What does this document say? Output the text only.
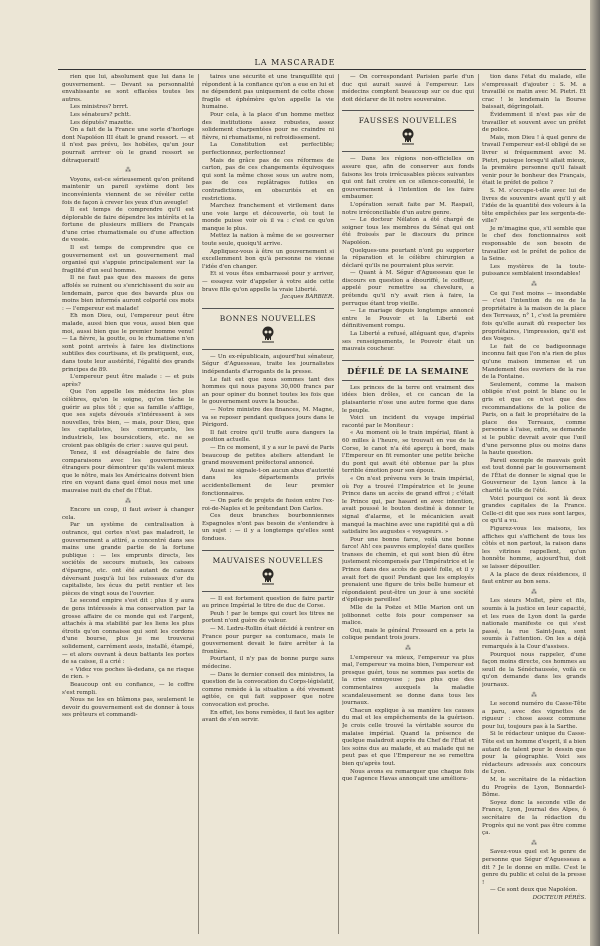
LA MASCARADE

rien que lui, absolument que lui dans le gouvernement. — Devant sa personnalité envahissante se sont effacées toutes les autres.

Les ministres? brrrt.

Les sénateurs? pchtt.

Les députés? mazette.

On a fait de la France une sorte d'horloge dont Napoléon III était le grand ressort. — et il n'est pas prévu, les hobèles, qu'un jour pourrait arriver où le grand ressort se détraquerait!

⁂

Voyons, est-ce sérieusement qu'on prétend maintenir un pareil système dont les inconvénients viennent de se révéler cette fois de façon à crever les yeux d'un aveugle!

Il est temps de comprendre qu'il est déplorable de faire dépendre les intérêts et la fortune de plusieurs milliers de Français d'une crise rhumatismale ou d'une affection de vessie.

Il est temps de comprendre que ce gouvernement est un gouvernement mal organisé qui s'appuie principalement sur la fragilité d'un seul homme.

Il ne faut pas que des masses de gens affolés se ruinent ou s'enrichissent du soir au lendemain, parce que des bavards plus ou moins bien informés auront colporté ces mots : — l'empereur est malade!

Eh mon Dieu, oui, l'empereur peut être malade, aussi bien que vous, aussi bien que moi, aussi bien que le premier homme venu! — La fièvre, la goutte, ou le rhumatisme n'en sont point arrivés à faire les distinctions subtiles des courtisans, et ils pratiquent, eux, dans toute leur austérité, l'égalité des grands principes de 89.

L'empereur peut être malade : — et puis après?

Que l'on appelle les médecins les plus célèbres, qu'on le soigne, qu'on tâche le guérir au plus tôt ; que sa famille s'afflige, que ses sujets dévoués s'intéressent à ses nouvelles, très bien, — mais, pour Dieu, que les capitalistes, les commerçants, les industriels, les boursicotiers, etc. ne se croient pas obligés de crier : sauve qui peut.

Tenez, il est désagréable de faire des comparaisons avec les gouvernements étrangers pour démontrer qu'ils valent mieux que le nôtre, mais les Américains doivent bien rire en voyant dans quel émoi nous met une mauvaise nuit du chef de l'État.

⁂

Encore un coup, il faut aviser à changer cela.

Par un système de centralisation à outrance, qui certes n'est pas maladroit, le gouvernement a attiré, a concentré dans ses mains une grande partie de la fortune publique : — les emprunts directs, les sociétés de secours mutuels, les caisses d'épargne, etc. ont été autant de canaux déversant jusqu'à lui les ruisseaux d'or du capitaliste, les écus du petit rentier et les pièces de vingt sous de l'ouvrier.

Le second empire s'est dit : plus il y aura de gens intéressés à ma conservation par la grosse affaire de ce monde qui est l'argent, attachés à ma stabilité par les liens les plus étroits qu'on connaisse qui sont les cordons d'une bourse, plus je me trouverai solidement, carrément assis, installé, étampé, — et alors ouvrant à deux battants les portes de sa caisse, il a crié :

« Videz vos poches là-dedans, ça ne risque de rien. »

Beaucoup ont eu confiance, — le coffre s'est rempli.

Nous ne les en blâmons pas, seulement le devoir du gouvernement est de donner à tous ses prêteurs et commandi-

taires une sécurité et une tranquillité qui répondent à la confiance qu'on a eue en lui et ne dépendent pas uniquement de cette chose fragile et éphémère qu'on appelle la vie humaine.

Pour cela, à la place d'un homme mettez des institutions assez robustes, assez solidement charpentées pour ne craindre ni fièvre, ni rhumatisme, ni refroidissement.

La Constitution est perfectible; perfectionnez, perfectionnez!

Mais de grâce pas de ces réformes de carton, pas de ces changements équivoques qui sont la même chose sous un autre nom, pas de ces replâtrages futiles en contradictions, en obscurités et en restrictions.

Marchez franchement et virilement dans une voie large et découverte, où tout le monde puisse voir où il va : c'est ce qu'on manque le plus.

Mettez la nation à même de se gouverner toute seule, quoiqu'il arrive.

Appliquez-vous à être un gouvernement si excellemment bon qu'à personne ne vienne l'idée d'en changer.

Et si vous êtes embarrassé pour y arriver, — essayez voir d'appeler à votre aide cette brave fille qu'on appelle la vraie Liberté.

Jacques BARBIER.
BONNES NOUVELLES

— Un ex-républicain, aujourd'hui sénateur, Ségur d'Aguesseau, traite les journalistes indépendants d'arrogants de la presse.

Le fait est que nous sommes tant des hommes qui nous payons 30,000 francs par an pour opiner du bonnet toutes les fois que le gouvernement ouvre la bouche.

— Notre ministre des finances, M. Magne, va se reposer pendant quelques jours dans le Périgord.

Il fait croire qu'il truffe aura dangers la position actuelle.

— En ce moment, il y a sur le pavé de Paris beaucoup de petites ateliers attendant le grand mouvement préfectoral annoncé.

Aussi ne signale-t-on aucun abus d'autorité dans les départements privés accidentellement de leur premier fonctionnaires.

— On parle de projets de fusion entre l'ex-roi-de-Naples et le prétendant Don Carlos.

Ces deux branches bourbonniennes Espagnoles n'ont pas besoin de s'entendre à un sujet : — il y a longtemps qu'elles sont fondues.

MAUVAISES NOUVELLES

— Il est fortement question de faire partir au prince Impérial le titre de duc de Corse.

Peuh ! par le temps qui court les titres ne portent n'ont guère de valeur.

— M. Ledru-Rollin était décidé à rentrer en France pour purger sa contumace, mais le gouvernement devait le faire arrêter à la frontière.

Pourtant, il n'y pas de bonne purge sans médecine.

— Dans le dernier conseil des ministres, la question de la convocation du Corps-législatif, comme remède à la situation a été vivement agitée, ce qui fait supposer que notre convocation est proche.

En effet, les bons remèdes, il faut les agiter avant de s'en servir.

— On correspondant Parisien parle d'un duc qui aurait sauvé à l'empereur. Les médecins comptent beaucoup sur ce duc qui doit déclarer de lit notre souveraine.

FAUSSES NOUVELLES

— Dans les régions non-officielles on assure que, afin de conserver aux fonds faisons les trois irrécusables pièces suivantes qui ont fait croire en ce silence-consulté, le gouvernement à l'intention de les faire embaumer.

L'opération serait faite par M. Raspail, notre irréconciliable d'un autre genre.

— Le docteur Nélaton a été chargé de soigner tous les membres du Sénat qui ont été froissés par le discours du prince Napoléon.

Quelques-uns pourtant n'ont pu supporter la réparation et le célèbre chirurgien a déclaré qu'ils ne pourraient plus servir.

— Quant à M. Ségur d'Aguesseau que le discours en question a ébouriffé, le coiffeur, appelé pour remettre sa chevelure, a prétendu qu'il n'y avait rien à faire, la perruque étant trop vieille.

— Le mariage depuis longtemps annoncé entre le Pouvoir et la Liberté est définitivement rompu.

La Liberté a refusé, alléguant que, d'après ses renseignements, le Pouvoir était un mauvais coucheur.

DÉFILÉ DE LA SEMAINE

Les princes de la terre ont vraiment des idées bien drôles, et ce cancan de la plaisanterie n'ose une autre forme que dans le peuple.

Voici un incident du voyage impérial raconté par le Moniteur :

« Au moment où le train impérial, filant à 60 milles à l'heure, se trouvait en vue de la Corse, le canot n'a été aperçu à bord, mais l'Empereur en fit remonter une petite brèche du pont qui avait été obtenue par la plus terrible émotion pour son époux.

« On n'est prévenu vers le train impérial, où Foy a trouvé l'Impératrice et le jeune Prince dans un accès de grand effroi ; c'était le Prince qui, par hasard en avec intention, avait poussé le bouton destiné à donner le signal d'alarme, et le mécanicien avait manqué la machine avec une rapidité qui a dû satisfaire les augustes « voyageurs. »

Pour une bonne farce, voilà une bonne farce! Ah! ces pauvres employés! dans quelles transes de chemin, et qui sont bien dû être justement récompensés par l'Impératrice et le Prince dans des accès de gaieté folle, et il y avait fort de quoi! Pendant que les employés prenaient une figure de très belle humeur et répondaient peut-être un jour à une société d'épilepsie pareilles!

Mlle de la Poëze et Mlle Marion ont un jolibonnet cette fois pour compenser sa malice.

Oui, mais le général Frossard en a pris la colique pendant trois jours.

⁂

L'empereur va mieux, l'empereur va plus mal, l'empereur va moins bien, l'empereur est presque guéri, tous ne sommes pas sortis de la crise ennuyeuse ; pas plus que des commentaires auxquels la maladie scandaleusement se donne dans tous les journaux.

Chacun explique à sa manière les causes du mal et les empêchements de la guérison. Je crois celle trouvé la véritable source du malaise impérial. Quand la présence de quelque maladroit auprès du Chef de l'État et les soins dus au malade, et au malade qui ne peut pas et que l'Empereur ne se remettra bien qu'après tout.

Nous avons eu remarquer que chaque fois que l'agence Havas annonçait une améliora-

tion dans l'état du malade, elle s'empressait d'ajouter : S. M. a travaillé ce matin avec M. Pietri. Et crac ! le lendemain la Bourse baissait, dégringolait.

Évidemment il n'est pas sûr de travailler et souvent avec un préfet de police.

Mais, mon Dieu ! à quel genre de travail l'empereur est-il obligé de se livrer si fréquemment avec M. Pietri, puisque lorsqu'il allait mieux, la première personne qu'il faisait venir pour le bonheur des Français, était le préfet de police ?

S. M. s'occupe-t-elle avec lui de livres de souvenirs avant qu'il y ait l'idée de la quantité des voleurs à la tête empêchées par les sergents-de-ville?

Je m'imagine que, s'il semble que le chef des fonctionnaires soit responsable de son besoin de travailler est le préfet de police de la Seine.

Les mystères de la toute-puissance semblaient insondables!

⁂

Ce qui l'est moins — insondable — c'est l'intention du ou de la propriétaire à la maison de la place des Terreaux, n° 1, c'est la première fois qu'elle aurait dû respecter les propriétaires, l'impression, qu'il est des Vosges.

Le fait de ce badigeonnage inconnu fait que l'on n'a rien de plus qu'une maison immense et un Mandement des ouvriers de la rue de la Fontaine.

Seulement, comme la maison obligée n'est point le blanc ou le gris et que ce n'est que des recommandations de la police de Paris, on a fait le propriétaire de la place des Terreaux, comme personne à l'aise, enfin, se demande si le public devrait avoir que l'œil d'une personne plus ou moins dans la haute question.

Pareil exemple de mauvais goût est tout donné par le gouvernement de l'État de donner le signal que le Gouverneur de Lyon lance à la charité la ville de l'été.

Voici pourquoi ce sont là deux grandes capitales de la France. Celle-ci dit que ses rues sont larges, ce qu'il a vu.

Figurez-vous les maisons, les affiches qui s'affichent de tous les côtés et non partout, la raison dans les vitrines rappellent, qu'un honnête homme, aujourd'hui, doit se laisser dépouiller.

A la place de deux résidences, il faut entrer au bon sens.

⁂

Les sieurs Mollet, père et fils, soumis à la justice en leur capacité, et les rues de Lyon dont la garde nationale manifeste ce qui s'est passé, la rue Saint-Jean, sont soumis à l'attention. On les a déjà remarqués à la Cour d'assises.

Pourquoi nous rappeler, d'une façon moins directe, ces hommes au seuil de la Sénéchaussée, voilà ce qu'on demande dans les grands journaux.

⁂

Le second numéro du Casse-Tête a paru, avec des vignettes de rigueur : chose assez commune pour lui, toujours pas à la Sarthe.

Si le rédacteur unique du Casse-Tête est un homme d'esprit, il a bien autant de talent pour le dessin que pour la géographie. Voici ses rédacteurs adressés aux concours de Lyon.

M. le secrétaire de la rédaction du Progrès de Lyon, Bonnardel-Bôme.

Soyez donc la seconde ville de France, Lyon, Journal des Alpes, ô secrétaire de la rédaction du Progrès qui ne vont pas être comme ça.

⁂

Savez-vous quel est le genre de personne que Ségur d'Aguesseau a dit ? Je le donne en mille. C'est le genre du public et celui de la presse !

— Ce sont deux que Napoléon.

DOCTEUR PÉRÈS.
